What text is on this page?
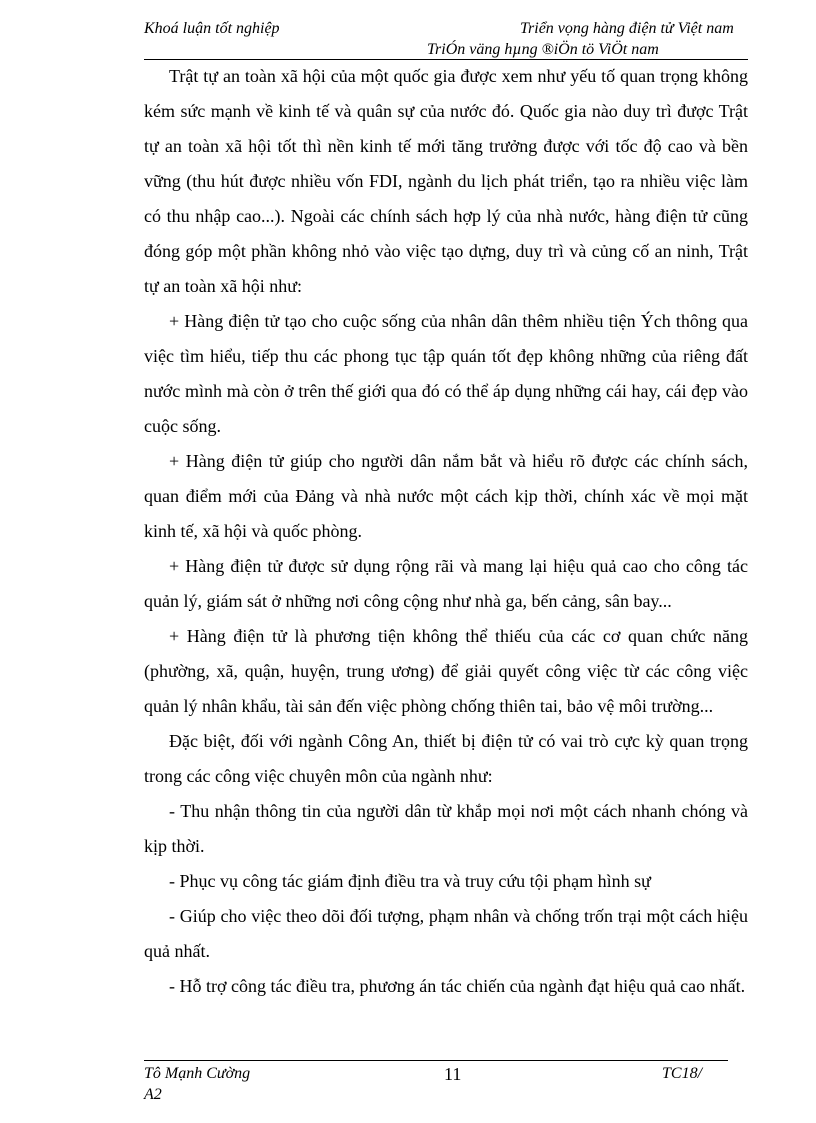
Khoá luận tốt nghiệp	Triển vọng hàng điện tử Việt nam
TriÓn väng hµng ®iÖn tö ViÖt nam

Trật tự an toàn xã hội của một quốc gia được xem như yếu tố quan trọng không kém sức mạnh về kinh tế và quân sự của nước đó. Quốc gia nào duy trì được Trật tự an toàn xã hội tốt thì nền kinh tế mới tăng trưởng được với tốc độ cao và bền vững (thu hút được nhiều vốn FDI, ngành du lịch phát triển, tạo ra nhiều việc làm có thu nhập cao...). Ngoài các chính sách hợp lý của nhà nước, hàng điện tử cũng đóng góp một phần không nhỏ vào việc tạo dựng, duy trì và củng cố an ninh, Trật tự an toàn xã hội như:

+ Hàng điện tử tạo cho cuộc sống của nhân dân thêm nhiều tiện Ých thông qua việc tìm hiểu, tiếp thu các phong tục tập quán tốt đẹp không những của riêng đất nước mình mà còn ở trên thế giới qua đó có thể áp dụng những cái hay, cái đẹp vào cuộc sống.

+ Hàng điện tử giúp cho người dân nắm bắt và hiểu rõ được các chính sách, quan điểm mới của Đảng và nhà nước một cách kịp thời, chính xác về mọi mặt kinh tế, xã hội và quốc phòng.

+ Hàng điện tử được sử dụng rộng rãi và mang lại hiệu quả cao cho công tác quản lý, giám sát ở những nơi công cộng như nhà ga, bến cảng, sân bay...

+ Hàng điện tử là phương tiện không thể thiếu của các cơ quan chức năng (phường, xã, quận, huyện, trung ương) để giải quyết công việc từ các công việc quản lý nhân khẩu, tài sản đến việc phòng chống thiên tai, bảo vệ môi trường...

Đặc biệt, đối với ngành Công An, thiết bị điện tử có vai trò cực kỳ quan trọng trong các công việc chuyên môn của ngành như:

- Thu nhận thông tin của người dân từ khắp mọi nơi một cách nhanh chóng và kịp thời.

- Phục vụ công tác giám định điều tra và truy cứu tội phạm hình sự

- Giúp cho việc theo dõi đối tượng, phạm nhân và chống trốn trại một cách hiệu quả nhất.

- Hỗ trợ công tác điều tra, phương án tác chiến của ngành đạt hiệu quả cao nhất.

Tô Mạnh Cường	11	TC18/
A2
